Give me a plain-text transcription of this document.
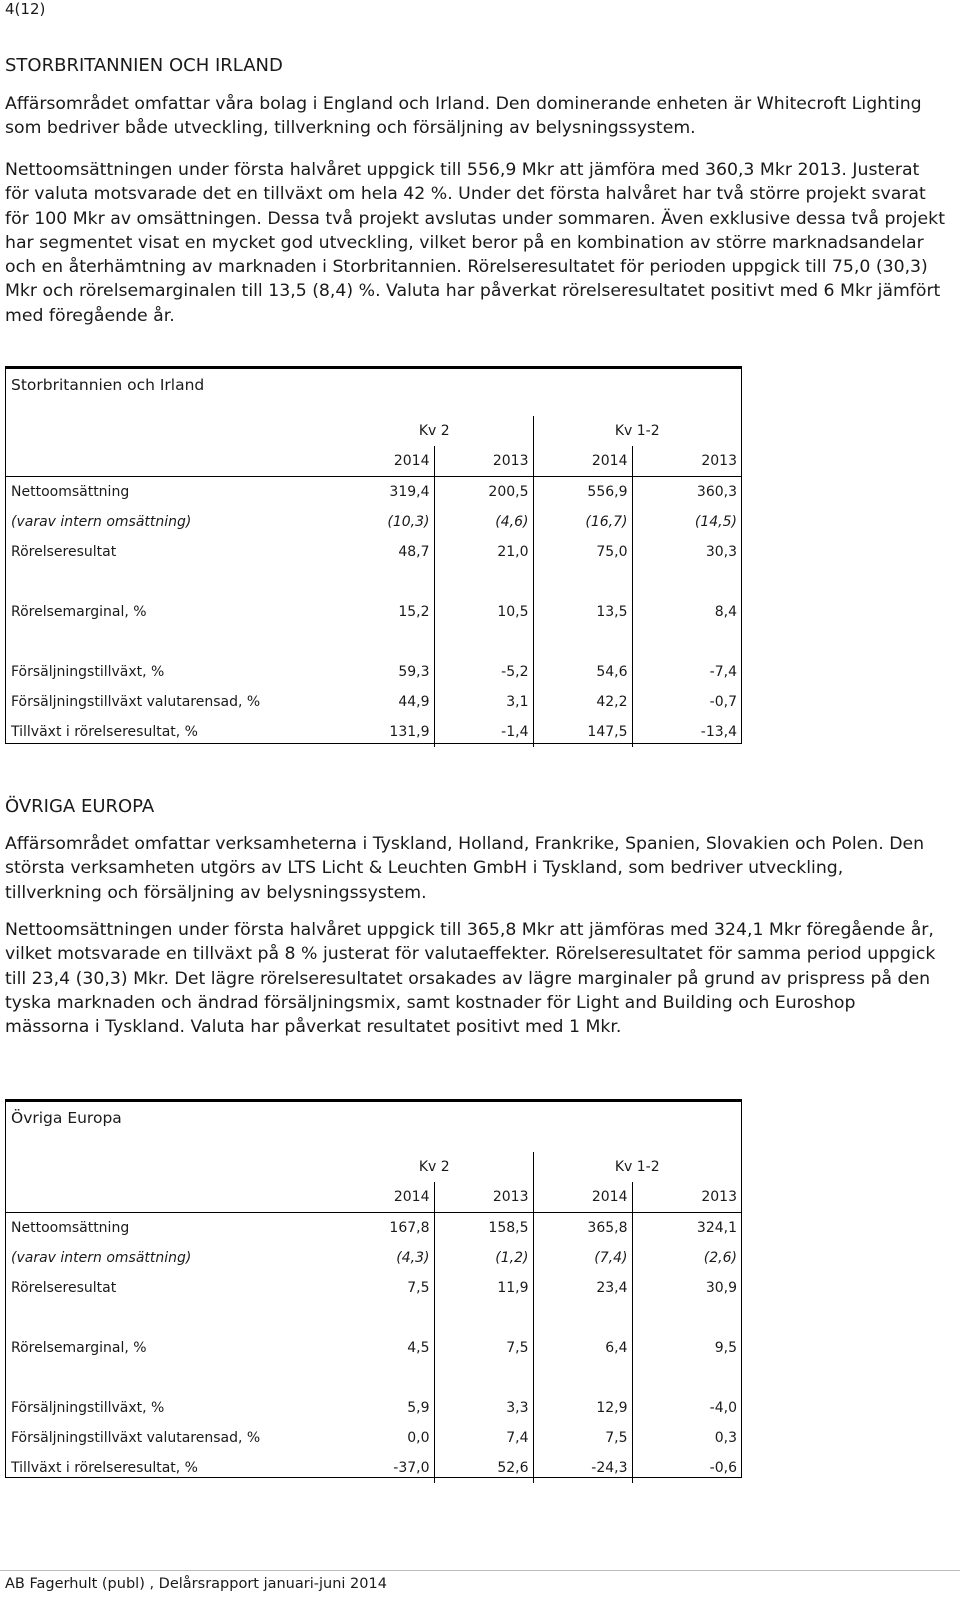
4(12)
STORBRITANNIEN OCH IRLAND

Affärsområdet omfattar våra bolag i England och Irland. Den dominerande enheten är Whitecroft Lighting som bedriver både utveckling, tillverkning och försäljning av belysningssystem.

Nettoomsättningen under första halvåret uppgick till 556,9 Mkr att jämföra med 360,3 Mkr 2013. Justerat för valuta motsvarade det en tillväxt om hela 42 %. Under det första halvåret har två större projekt svarat för 100 Mkr av omsättningen. Dessa två projekt avslutas under sommaren. Även exklusive dessa två projekt har segmentet visat en mycket god utveckling, vilket beror på en kombination av större marknadsandelar och en återhämtning av marknaden i Storbritannien. Rörelseresultatet för perioden uppgick till 75,0 (30,3) Mkr och rörelsemarginalen till 13,5 (8,4) %. Valuta har påverkat rörelseresultatet positivt med 6 Mkr jämfört med föregående år.

Storbritannien och Irland
	Kv 2		Kv 1-2	
	2014	2013	2014	2013
Nettoomsättning	319,4	200,5	556,9	360,3
(varav intern omsättning)	(10,3)	(4,6)	(16,7)	(14,5)
Rörelseresultat	48,7	21,0	75,0	30,3

Rörelsemarginal, %	15,2	10,5	13,5	8,4

Försäljningstillväxt, %	59,3	-5,2	54,6	-7,4
Försäljningstillväxt valutarensad, %	44,9	3,1	42,2	-0,7
Tillväxt i rörelseresultat, %	131,9	-1,4	147,5	-13,4
ÖVRIGA EUROPA

Affärsområdet omfattar verksamheterna i Tyskland, Holland, Frankrike, Spanien, Slovakien och Polen. Den största verksamheten utgörs av LTS Licht & Leuchten GmbH i Tyskland, som bedriver utveckling, tillverkning och försäljning av belysningssystem.

Nettoomsättningen under första halvåret uppgick till 365,8 Mkr att jämföras med 324,1 Mkr föregående år, vilket motsvarade en tillväxt på 8 % justerat för valutaeffekter. Rörelseresultatet för samma period uppgick till 23,4 (30,3) Mkr. Det lägre rörelseresultatet orsakades av lägre marginaler på grund av prispress på den tyska marknaden och ändrad försäljningsmix, samt kostnader för Light and Building och Euroshop mässorna i Tyskland. Valuta har påverkat resultatet positivt med 1 Mkr.

Övriga Europa
	Kv 2		Kv 1-2	
	2014	2013	2014	2013
Nettoomsättning	167,8	158,5	365,8	324,1
(varav intern omsättning)	(4,3)	(1,2)	(7,4)	(2,6)
Rörelseresultat	7,5	11,9	23,4	30,9

Rörelsemarginal, %	4,5	7,5	6,4	9,5

Försäljningstillväxt, %	5,9	3,3	12,9	-4,0
Försäljningstillväxt valutarensad, %	0,0	7,4	7,5	0,3
Tillväxt i rörelseresultat, %	-37,0	52,6	-24,3	-0,6
AB Fagerhult (publ) , Delårsrapport januari-juni 2014
